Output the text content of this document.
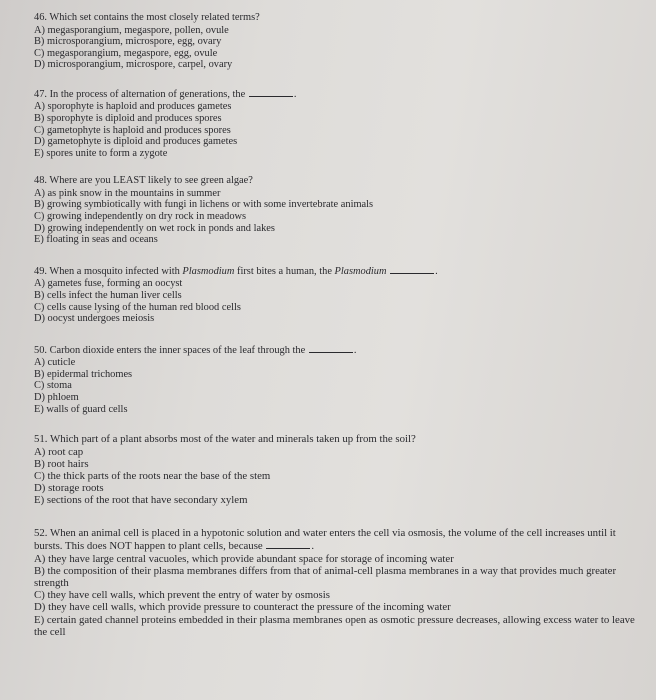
46. Which set contains the most closely related terms?
A) megasporangium, megaspore, pollen, ovule
B) microsporangium, microspore, egg, ovary
C) megasporangium, megaspore, egg, ovule
D) microsporangium, microspore, carpel, ovary
47. In the process of alternation of generations, the	.
A) sporophyte is haploid and produces gametes
B) sporophyte is diploid and produces spores
C) gametophyte is haploid and produces spores
D) gametophyte is diploid and produces gametes
E) spores unite to form a zygote
48. Where are you LEAST likely to see green algae?
A) as pink snow in the mountains in summer
B) growing symbiotically with fungi in lichens or with some invertebrate animals
C) growing independently on dry rock in meadows
D) growing independently on wet rock in ponds and lakes
E) floating in seas and oceans
49. When a mosquito infected with Plasmodium first bites a human, the Plasmodium	.
A) gametes fuse, forming an oocyst
B) cells infect the human liver cells
C) cells cause lysing of the human red blood cells
D) oocyst undergoes meiosis
50. Carbon dioxide enters the inner spaces of the leaf through the	.
A) cuticle
B) epidermal trichomes
C) stoma
D) phloem
E) walls of guard cells
51. Which part of a plant absorbs most of the water and minerals taken up from the soil?
A) root cap
B) root hairs
C) the thick parts of the roots near the base of the stem
D) storage roots
E) sections of the root that have secondary xylem
52. When an animal cell is placed in a hypotonic solution and water enters the cell via osmosis, the volume of the cell increases until it bursts. This does NOT happen to plant cells, because	.
A) they have large central vacuoles, which provide abundant space for storage of incoming water
B) the composition of their plasma membranes differs from that of animal-cell plasma membranes in a way that provides much greater strength
C) they have cell walls, which prevent the entry of water by osmosis
D) they have cell walls, which provide pressure to counteract the pressure of the incoming water
E) certain gated channel proteins embedded in their plasma membranes open as osmotic pressure decreases, allowing excess water to leave the cell
